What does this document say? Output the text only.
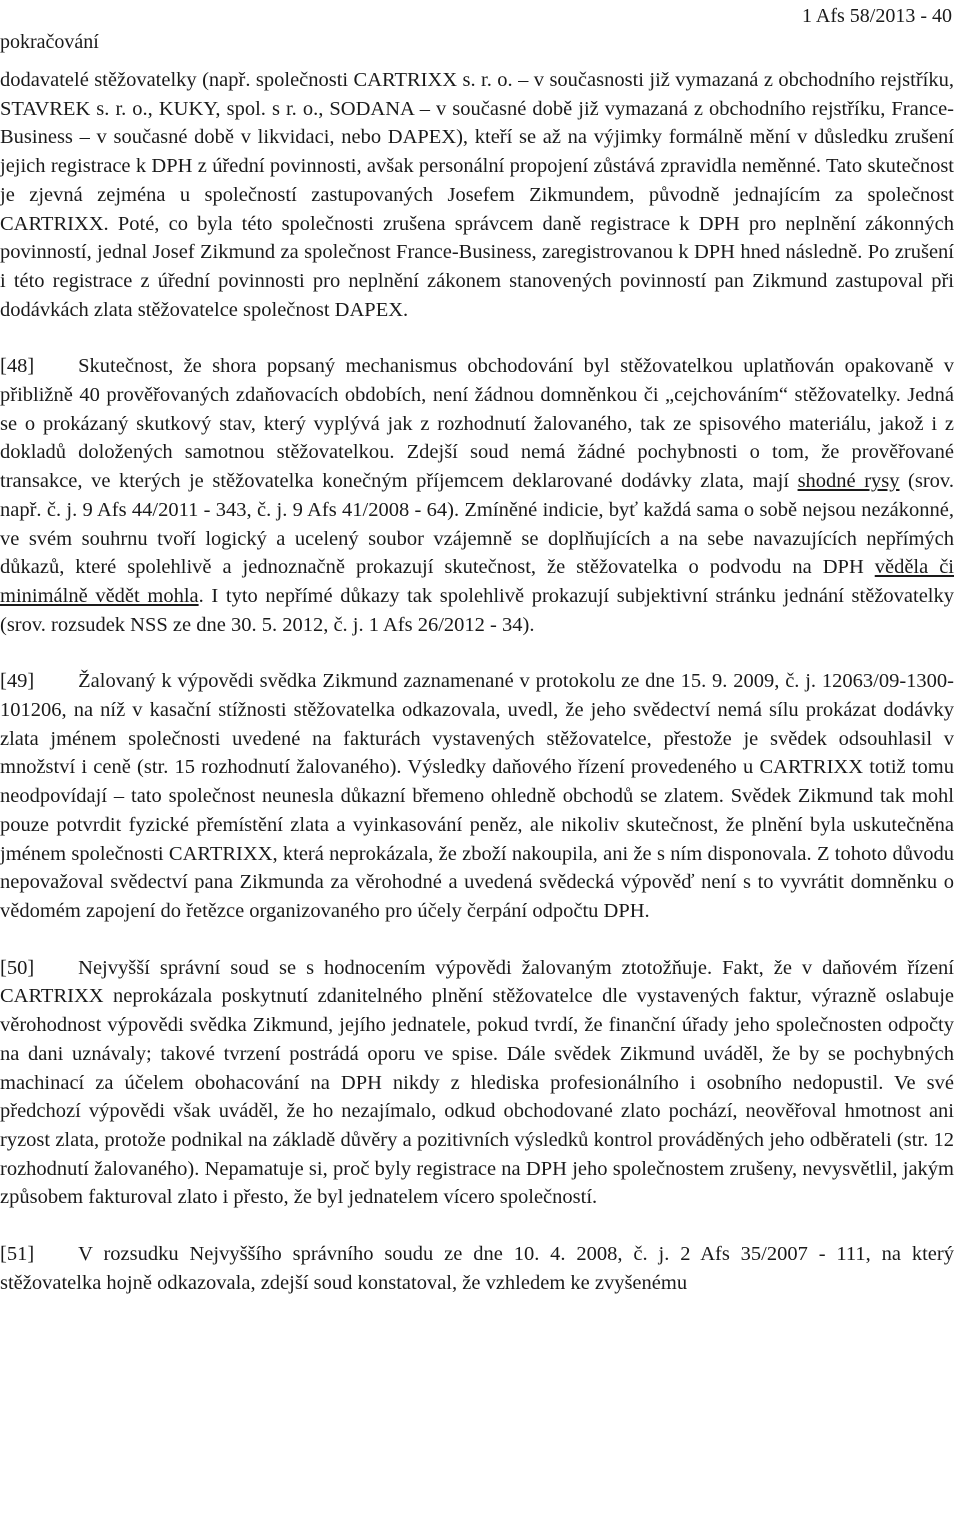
1 Afs 58/2013 - 40
pokračování

dodavatelé stěžovatelky (např. společnosti CARTRIXX s. r. o. – v současnosti již vymazaná z obchodního rejstříku, STAVREK s. r. o., KUKY, spol. s r. o., SODANA – v současné době již vymazaná z obchodního rejstříku, France-Business – v současné době v likvidaci, nebo DAPEX), kteří se až na výjimky formálně mění v důsledku zrušení jejich registrace k DPH z úřední povinnosti, avšak personální propojení zůstává zpravidla neměnné. Tato skutečnost je zjevná zejména u společností zastupovaných Josefem Zikmundem, původně jednajícím za společnost CARTRIXX. Poté, co byla této společnosti zrušena správcem daně registrace k DPH pro neplnění zákonných povinností, jednal Josef Zikmund za společnost France-Business, zaregistrovanou k DPH hned následně. Po zrušení i této registrace z úřední povinnosti pro neplnění zákonem stanovených povinností pan Zikmund zastupoval při dodávkách zlata stěžovatelce společnost DAPEX.

[48] Skutečnost, že shora popsaný mechanismus obchodování byl stěžovatelkou uplatňován opakovaně v přibližně 40 prověřovaných zdaňovacích obdobích, není žádnou domněnkou či „cejchováním“ stěžovatelky. Jedná se o prokázaný skutkový stav, který vyplývá jak z rozhodnutí žalovaného, tak ze spisového materiálu, jakož i z dokladů doložených samotnou stěžovatelkou. Zdejší soud nemá žádné pochybnosti o tom, že prověřované transakce, ve kterých je stěžovatelka konečným příjemcem deklarované dodávky zlata, mají shodné rysy (srov. např. č. j. 9 Afs 44/2011 - 343, č. j. 9 Afs 41/2008 - 64). Zmíněné indicie, byť každá sama o sobě nejsou nezákonné, ve svém souhrnu tvoří logický a ucelený soubor vzájemně se doplňujících a na sebe navazujících nepřímých důkazů, které spolehlivě a jednoznačně prokazují skutečnost, že stěžovatelka o podvodu na DPH věděla či minimálně vědět mohla. I tyto nepřímé důkazy tak spolehlivě prokazují subjektivní stránku jednání stěžovatelky (srov. rozsudek NSS ze dne 30. 5. 2012, č. j. 1 Afs 26/2012 - 34).

[49] Žalovaný k výpovědi svědka Zikmund zaznamenané v protokolu ze dne 15. 9. 2009, č. j. 12063/09-1300-101206, na níž v kasační stížnosti stěžovatelka odkazovala, uvedl, že jeho svědectví nemá sílu prokázat dodávky zlata jménem společnosti uvedené na fakturách vystavených stěžovatelce, přestože je svědek odsouhlasil v množství i ceně (str. 15 rozhodnutí žalovaného). Výsledky daňového řízení provedeného u CARTRIXX totiž tomu neodpovídají – tato společnost neunesla důkazní břemeno ohledně obchodů se zlatem. Svědek Zikmund tak mohl pouze potvrdit fyzické přemístění zlata a vyinkasování peněz, ale nikoliv skutečnost, že plnění byla uskutečněna jménem společnosti CARTRIXX, která neprokázala, že zboží nakoupila, ani že s ním disponovala. Z tohoto důvodu nepovažoval svědectví pana Zikmunda za věrohodné a uvedená svědecká výpověď není s to vyvrátit domněnku o vědomém zapojení do řetězce organizovaného pro účely čerpání odpočtu DPH.

[50] Nejvyšší správní soud se s hodnocením výpovědi žalovaným ztotožňuje. Fakt, že v daňovém řízení CARTRIXX neprokázala poskytnutí zdanitelného plnění stěžovatelce dle vystavených faktur, výrazně oslabuje věrohodnost výpovědi svědka Zikmund, jejího jednatele, pokud tvrdí, že finanční úřady jeho společnosten odpočty na dani uznávaly; takové tvrzení postrádá oporu ve spise. Dále svědek Zikmund uváděl, že by se pochybných machinací za účelem obohacování na DPH nikdy z hlediska profesionálního i osobního nedopustil. Ve své předchozí výpovědi však uváděl, že ho nezajímalo, odkud obchodované zlato pochází, neověřoval hmotnost ani ryzost zlata, protože podnikal na základě důvěry a pozitivních výsledků kontrol prováděných jeho odběrateli (str. 12 rozhodnutí žalovaného). Nepamatuje si, proč byly registrace na DPH jeho společnostem zrušeny, nevysvětlil, jakým způsobem fakturoval zlato i přesto, že byl jednatelem vícero společností.

[51] V rozsudku Nejvyššího správního soudu ze dne 10. 4. 2008, č. j. 2 Afs 35/2007 - 111, na který stěžovatelka hojně odkazovala, zdejší soud konstatoval, že vzhledem ke zvyšenému
